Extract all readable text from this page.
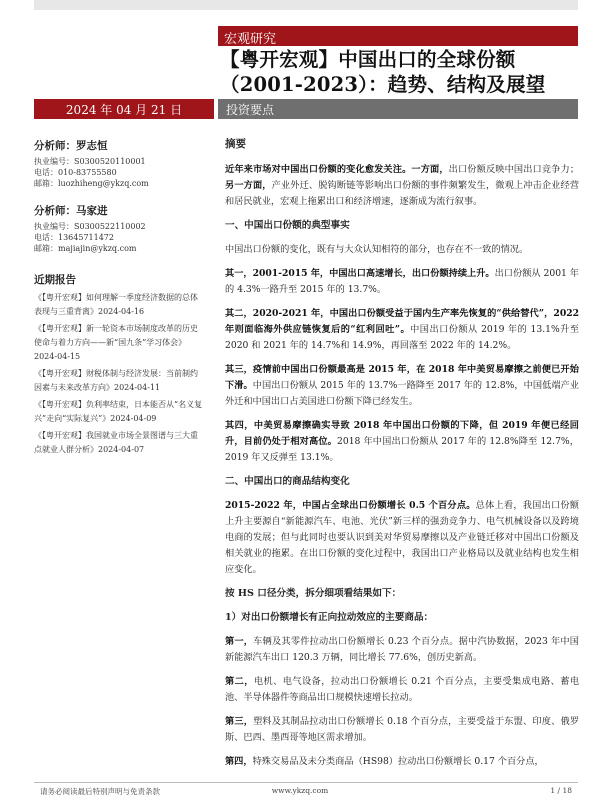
宏观研究
【粤开宏观】中国出口的全球份额
（2001-2023）：趋势、结构及展望
2024 年 04 月 21 日	投资要点
分析师：罗志恒
执业编号：S0300520110001
电话：010-83755580
邮箱：luozhiheng@ykzq.com
分析师：马家进
执业编号：S0300522110002
电话：13645711472
邮箱：majiajin@ykzq.com
近期报告
《【粤开宏观】如何理解一季度经济数据的总体表现与三重背离》2024-04-16
《【粤开宏观】新一轮资本市场制度改革的历史使命与着力方向——新“国九条”学习体会》2024-04-15
《【粤开宏观】财税体制与经济发展：当前制约因素与未来改革方向》2024-04-11
《【粤开宏观】负利率结束，日本能否从“名义复兴”走向“实际复兴”》2024-04-09
《【粤开宏观】我国就业市场全景图谱与三大重点就业人群分析》2024-04-07
摘要

近年来市场对中国出口份额的变化愈发关注。一方面，出口份额反映中国出口竞争力；另一方面，产业外迁、脱钩断链等影响出口份额的事件频繁发生，微观上冲击企业经营和居民就业，宏观上拖累出口和经济增速，逐渐成为流行叙事。

一、中国出口份额的典型事实

中国出口份额的变化，既有与大众认知相符的部分，也存在不一致的情况。

其一，2001-2015 年，中国出口高速增长，出口份额持续上升。出口份额从 2001 年的 4.3%一路升至 2015 年的 13.7%。

其二，2020-2021 年，中国出口份额受益于国内生产率先恢复的“供给替代”，2022 年则面临海外供应链恢复后的“红利回吐”。中国出口份额从 2019 年的 13.1%升至 2020 和 2021 年的 14.7%和 14.9%，再回落至 2022 年的 14.2%。

其三，疫情前中国出口份额最高是 2015 年，在 2018 年中美贸易摩擦之前便已开始下滑。中国出口份额从 2015 年的 13.7%一路降至 2017 年的 12.8%，中国低端产业外迁和中国出口占美国进口份额下降已经发生。

其四，中美贸易摩擦确实导致 2018 年中国出口份额的下降，但 2019 年便已经回升，目前仍处于相对高位。2018 年中国出口份额从 2017 年的 12.8%降至 12.7%，2019 年又反弹至 13.1%。

二、中国出口的商品结构变化

2015-2022 年，中国占全球出口份额增长 0.5 个百分点。总体上看，我国出口份额上升主要源自“新能源汽车、电池、光伏”新三样的强劲竞争力、电气机械设备以及跨境电商的发展；但与此同时也要认识到美对华贸易摩擦以及产业链迁移对中国出口份额及相关就业的拖累。在出口份额的变化过程中，我国出口产业格局以及就业结构也发生相应变化。

按 HS 口径分类，拆分细项看结果如下：
1）对出口份额增长有正向拉动效应的主要商品：

第一，车辆及其零件拉动出口份额增长 0.23 个百分点。据中汽协数据，2023 年中国新能源汽车出口 120.3 万辆，同比增长 77.6%，创历史新高。

第二，电机、电气设备，拉动出口份额增长 0.21 个百分点，主要受集成电路、蓄电池、半导体器件等商品出口规模快速增长拉动。

第三，塑料及其制品拉动出口份额增长 0.18 个百分点，主要受益于东盟、印度、俄罗斯、巴西、墨西哥等地区需求增加。

第四，特殊交易品及未分类商品（HS98）拉动出口份额增长 0.17 个百分点，

请务必阅读最后特别声明与免责条款	www.ykzq.com	1 / 18
